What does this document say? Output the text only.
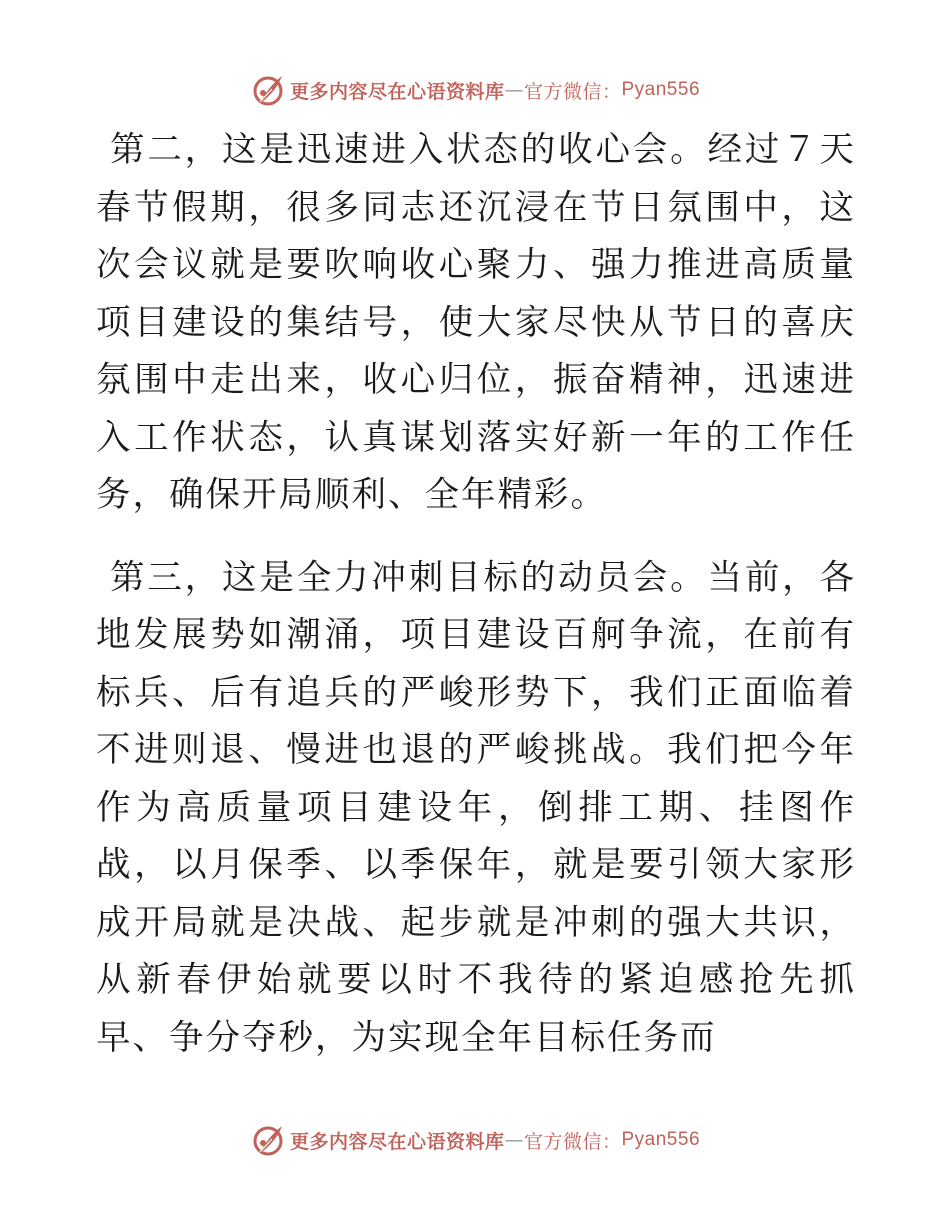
更多内容尽在心语资料库 — 官方微信： Pyan556

第二，这是迅速进入状态的收心会。经过７天春节假期，很多同志还沉浸在节日氛围中，这次会议就是要吹响收心聚力、强力推进高质量项目建设的集结号，使大家尽快从节日的喜庆氛围中走出来，收心归位，振奋精神，迅速进入工作状态，认真谋划落实好新一年的工作任务，确保开局顺利、全年精彩。

第三，这是全力冲刺目标的动员会。当前，各地发展势如潮涌，项目建设百舸争流，在前有标兵、后有追兵的严峻形势下，我们正面临着不进则退、慢进也退的严峻挑战。我们把今年作为高质量项目建设年，倒排工期、挂图作战，以月保季、以季保年，就是要引领大家形成开局就是决战、起步就是冲刺的强大共识，从新春伊始就要以时不我待的紧迫感抢先抓早、争分夺秒，为实现全年目标任务而

更多内容尽在心语资料库 — 官方微信： Pyan556
